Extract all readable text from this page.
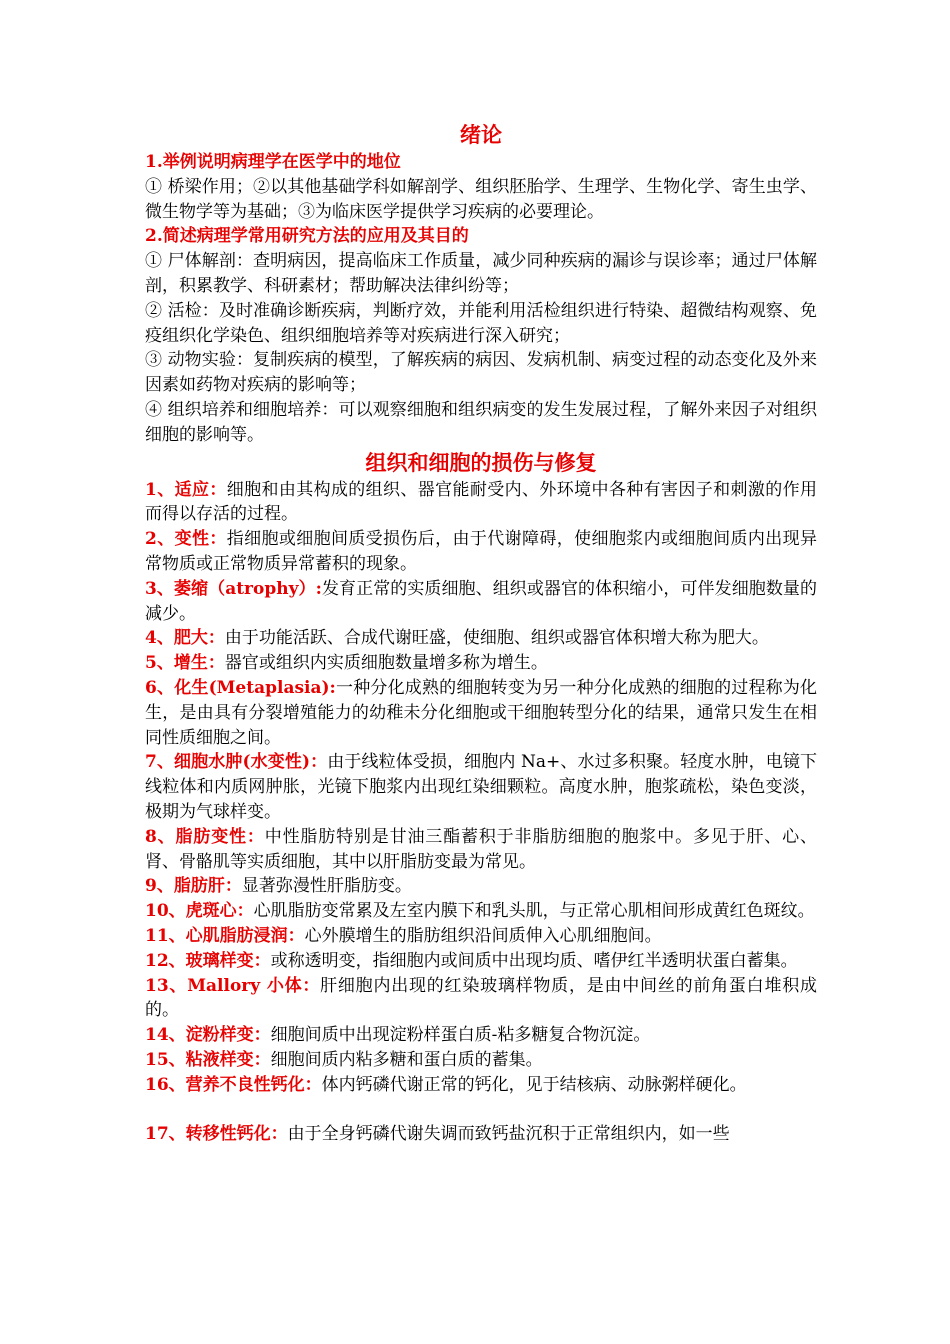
绪论

1.举例说明病理学在医学中的地位

① 桥梁作用；②以其他基础学科如解剖学、组织胚胎学、生理学、生物化学、寄生虫学、微生物学等为基础；③为临床医学提供学习疾病的必要理论。

2.简述病理学常用研究方法的应用及其目的

① 尸体解剖：查明病因，提高临床工作质量，减少同种疾病的漏诊与误诊率；通过尸体解剖，积累教学、科研素材；帮助解决法律纠纷等；

② 活检：及时准确诊断疾病，判断疗效，并能利用活检组织进行特染、超微结构观察、免疫组织化学染色、组织细胞培养等对疾病进行深入研究；

③ 动物实验：复制疾病的模型，了解疾病的病因、发病机制、病变过程的动态变化及外来因素如药物对疾病的影响等；

④ 组织培养和细胞培养：可以观察细胞和组织病变的发生发展过程，了解外来因子对组织细胞的影响等。

组织和细胞的损伤与修复

1、适应：细胞和由其构成的组织、器官能耐受内、外环境中各种有害因子和刺激的作用而得以存活的过程。

2、变性：指细胞或细胞间质受损伤后，由于代谢障碍，使细胞浆内或细胞间质内出现异常物质或正常物质异常蓄积的现象。

3、萎缩（atrophy）:发育正常的实质细胞、组织或器官的体积缩小，可伴发细胞数量的减少。

4、肥大：由于功能活跃、合成代谢旺盛，使细胞、组织或器官体积增大称为肥大。

5、增生：器官或组织内实质细胞数量增多称为增生。

6、化生(Metaplasia):一种分化成熟的细胞转变为另一种分化成熟的细胞的过程称为化生，是由具有分裂增殖能力的幼稚未分化细胞或干细胞转型分化的结果，通常只发生在相同性质细胞之间。

7、细胞水肿(水变性)：由于线粒体受损，细胞内 Na+、水过多积聚。轻度水肿，电镜下线粒体和内质网肿胀，光镜下胞浆内出现红染细颗粒。高度水肿，胞浆疏松，染色变淡，极期为气球样变。

8、脂肪变性：中性脂肪特别是甘油三酯蓄积于非脂肪细胞的胞浆中。多见于肝、心、肾、骨骼肌等实质细胞，其中以肝脂肪变最为常见。

9、脂肪肝：显著弥漫性肝脂肪变。

10、虎斑心：心肌脂肪变常累及左室内膜下和乳头肌，与正常心肌相间形成黄红色斑纹。

11、心肌脂肪浸润：心外膜增生的脂肪组织沿间质伸入心肌细胞间。

12、玻璃样变：或称透明变，指细胞内或间质中出现均质、嗜伊红半透明状蛋白蓄集。

13、Mallory 小体：肝细胞内出现的红染玻璃样物质，是由中间丝的前角蛋白堆积成的。

14、淀粉样变：细胞间质中出现淀粉样蛋白质-粘多糖复合物沉淀。

15、粘液样变：细胞间质内粘多糖和蛋白质的蓄集。

16、营养不良性钙化：体内钙磷代谢正常的钙化，见于结核病、动脉粥样硬化。

17、转移性钙化：由于全身钙磷代谢失调而致钙盐沉积于正常组织内，如一些
